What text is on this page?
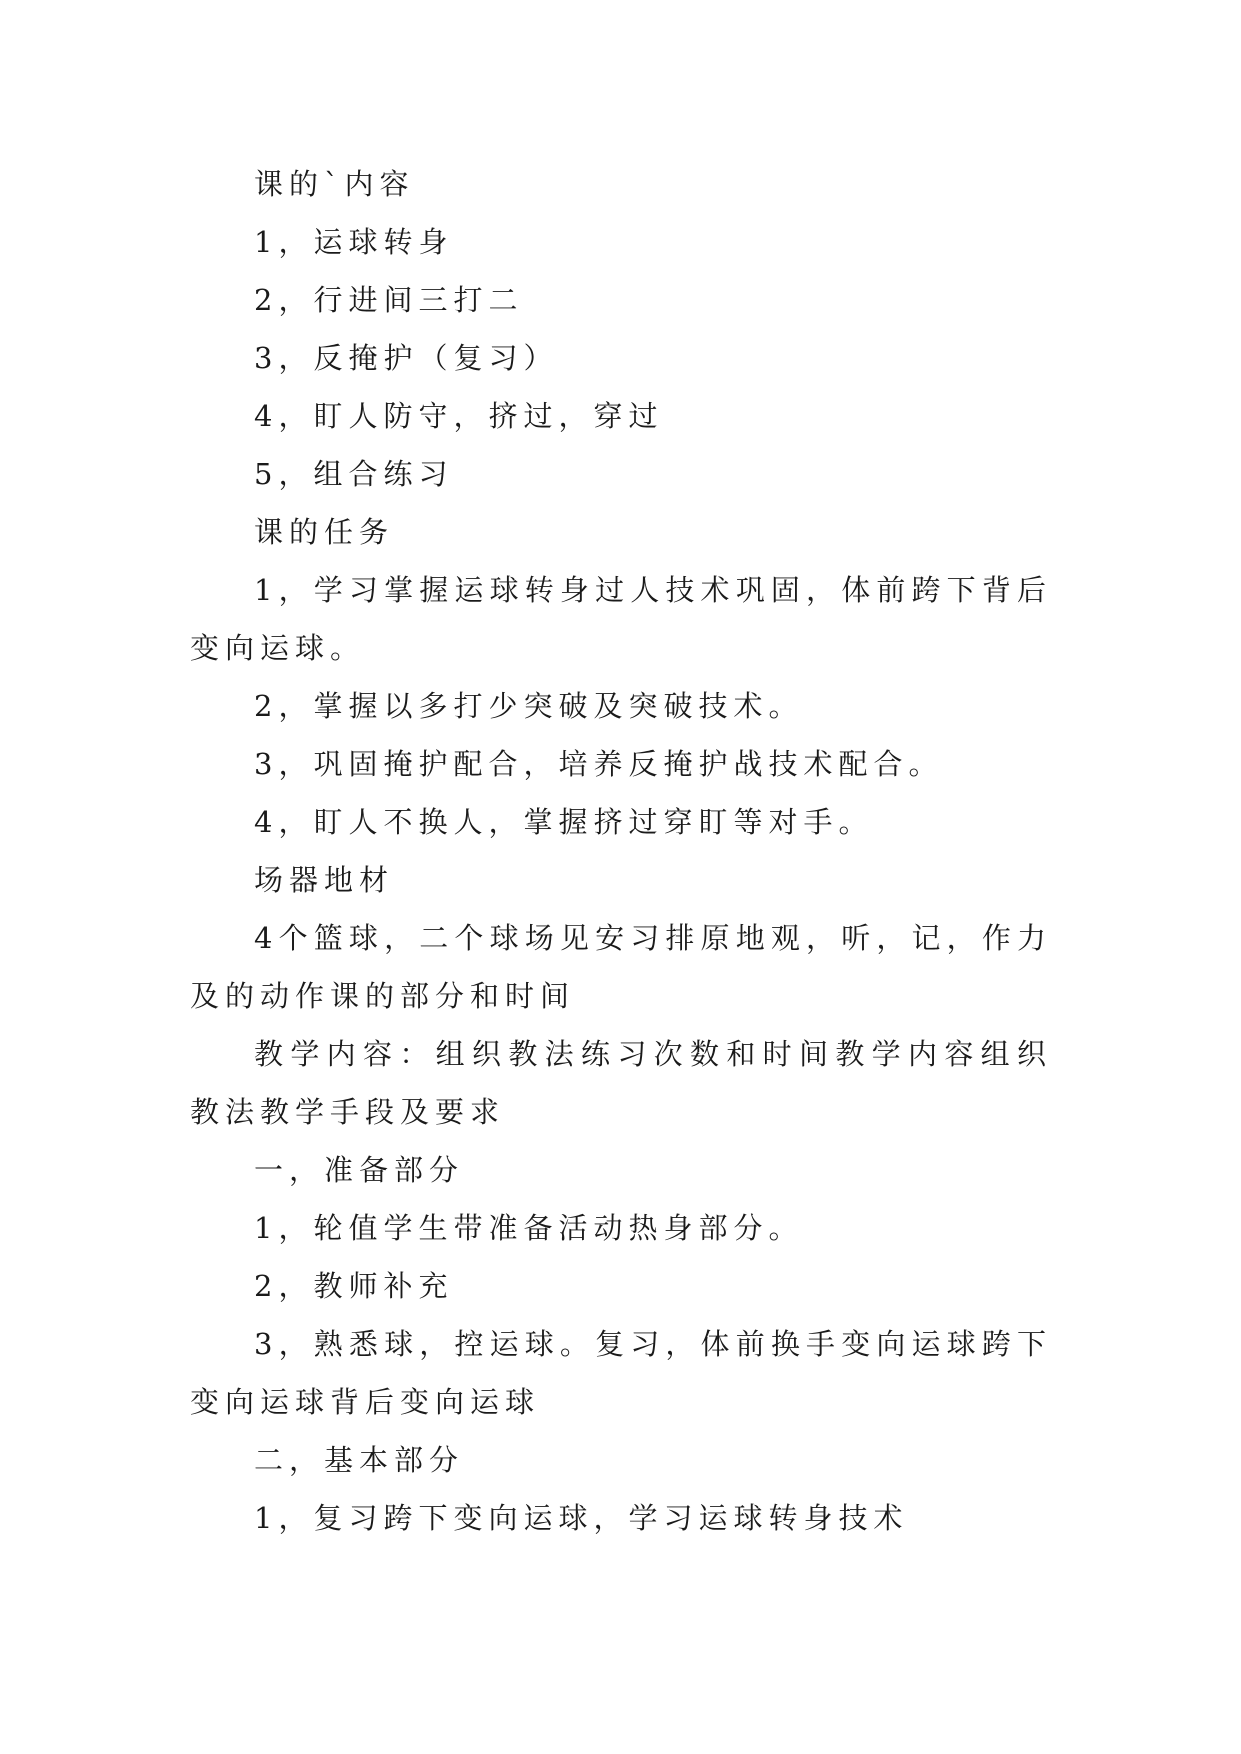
课的`内容

1，运球转身

2，行进间三打二

3，反掩护（复习）

4，盯人防守，挤过，穿过

5，组合练习

课的任务

1，学习掌握运球转身过人技术巩固，体前跨下背后变向运球。

2，掌握以多打少突破及突破技术。

3，巩固掩护配合，培养反掩护战技术配合。

4，盯人不换人，掌握挤过穿盯等对手。

场器地材

4个篮球，二个球场见安习排原地观，听，记，作力及的动作课的部分和时间

教学内容：组织教法练习次数和时间教学内容组织教法教学手段及要求

一，准备部分

1，轮值学生带准备活动热身部分。

2，教师补充

3，熟悉球，控运球。复习，体前换手变向运球跨下变向运球背后变向运球

二，基本部分

1，复习跨下变向运球，学习运球转身技术
